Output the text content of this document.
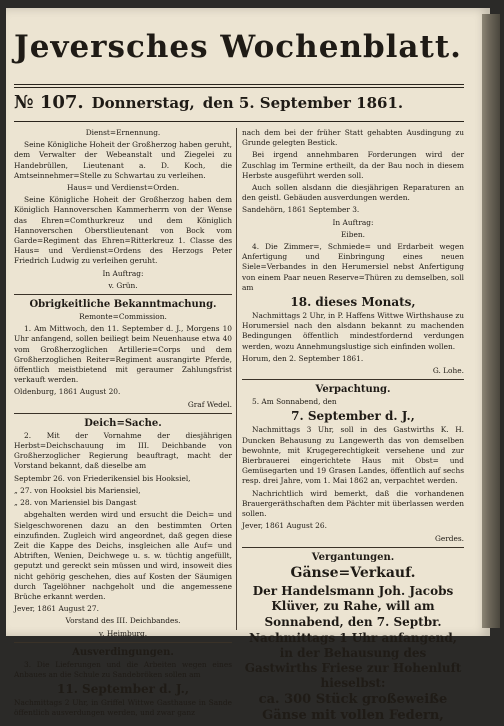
Jeversches Wochenblatt.
№ 107. Donnerstag, den 5. September 1861.

Dienst=Ernennung.

Seine Königliche Hoheit der Großherzog haben geruht, dem Verwalter der Webeanstalt und Ziegelei zu Handebrüllen, Lieutenant a. D. Koch, die Amtseinnehmer=Stelle zu Schwartau zu verleihen.

Haus= und Verdienst=Orden.

Seine Königliche Hoheit der Großherzog haben dem Königlich Hannoverschen Kammerherrn von der Wense das Ehren=Comthurkreuz und dem Königlich Hannoverschen Oberstlieutenant von Bock vom Garde=Regiment das Ehren=Ritterkreuz 1. Classe des Haus= und Verdienst=Ordens des Herzogs Peter Friedrich Ludwig zu verleihen geruht.

In Auftrag:

v. Grün.

Obrigkeitliche Bekanntmachung.

Remonte=Commission.

1. Am Mittwoch, den 11. September d. J., Morgens 10 Uhr anfangend, sollen beiliegt beim Neuenhause etwa 40 vom Großherzoglichen Artillerie=Corps und dem Großherzoglichen Reiter=Regiment ausrangirte Pferde, öffentlich meistbietend mit geraumer Zahlungsfrist verkauft werden.

Oldenburg, 1861 August 20.

Graf Wedel.

Deich=Sache.

2. Mit der Vornahme der diesjährigen Herbst=Deichschauung im III. Deichbande von Großherzoglicher Regierung beauftragt, macht der Vorstand bekannt, daß dieselbe am

Septembr 26. von Friederikensiel bis Hooksiel,

„ 27. von Hooksiel bis Mariensiel,

„ 28. von Mariensiel bis Dangast

abgehalten werden wird und ersucht die Deich= und Sielgeschworenen dazu an den bestimmten Orten einzufinden. Zugleich wird angeordnet, daß gegen diese Zeit die Kappe des Deichs, insgleichen alle Auf= und Abtriften, Wenien, Deichwege u. s. w. tüchtig angefüllt, geputzt und gereckt sein müssen und wird, insoweit dies nicht gehörig geschehen, dies auf Kosten der Säumigen durch Tagelöhner nachgeholt und die angemessene Brüche erkannt werden.

Jever, 1861 August 27.

Vorstand des III. Deichbandes.

v. Heimburg.

Ausverdingungen.

3. Die Lieferungen und die Arbeiten wegen eines Anbaues an die Schule zu Sandebröken sollen am

11. September d. J.,

Nachmittags 2 Uhr, in Griffel Wittwe Gasthause in Sande öffentlich ausverdungen werden, und zwar ganz

nach dem bei der früher Statt gehabten Ausdingung zu Grunde gelegten Bestick.

Bei irgend annehmbaren Forderungen wird der Zuschlag im Termine ertheilt, da der Bau noch in diesem Herbste ausgeführt werden soll.

Auch sollen alsdann die diesjährigen Reparaturen an den geistl. Gebäuden ausverdungen werden.

Sandehörn, 1861 September 3.

In Auftrag:

Eiben.

4. Die Zimmer=, Schmiede= und Erdarbeit wegen Anfertigung und Einbringung eines neuen Siele=Verbandes in den Herumersiel nebst Anfertigung von einem Paar neuen Reserve=Thüren zu demselben, soll am

18. dieses Monats,

Nachmittags 2 Uhr, in P. Haffens Wittwe Wirthshause zu Horumersiel nach den alsdann bekannt zu machenden Bedingungen öffentlich mindestfordernd verdungen werden, wozu Annehmungslustige sich einfinden wollen.

Horum, den 2. September 1861.

G. Lohe.

Verpachtung.

5. Am Sonnabend, den

7. September d. J.,

Nachmittags 3 Uhr, soll in des Gastwirths K. H. Duncken Behausung zu Langewerth das von demselben bewohnte, mit Krugegerechtigkeit versehene und zur Bierbrauerei eingerichtete Haus mit Obst= und Gemüsegarten und 19 Grasen Landes, öffentlich auf sechs resp. drei Jahre, vom 1. Mai 1862 an, verpachtet werden.

Nachrichtlich wird bemerkt, daß die vorhandenen Brauergeräthschaften dem Pächter mit überlassen werden sollen.

Jever, 1861 August 26.

Gerdes.

Vergantungen.

Gänse=Verkauf.

Der Handelsmann Joh. Jacobs Klüver, zu Rahe, will am

Sonnabend, den 7. Septbr.

Nachmittags 1 Uhr anfangend, in der Behausung des Gastwirths Friese zur Hohenluft hieselbst:

ca. 300 Stück großeweiße Gänse mit vollen Federn,
